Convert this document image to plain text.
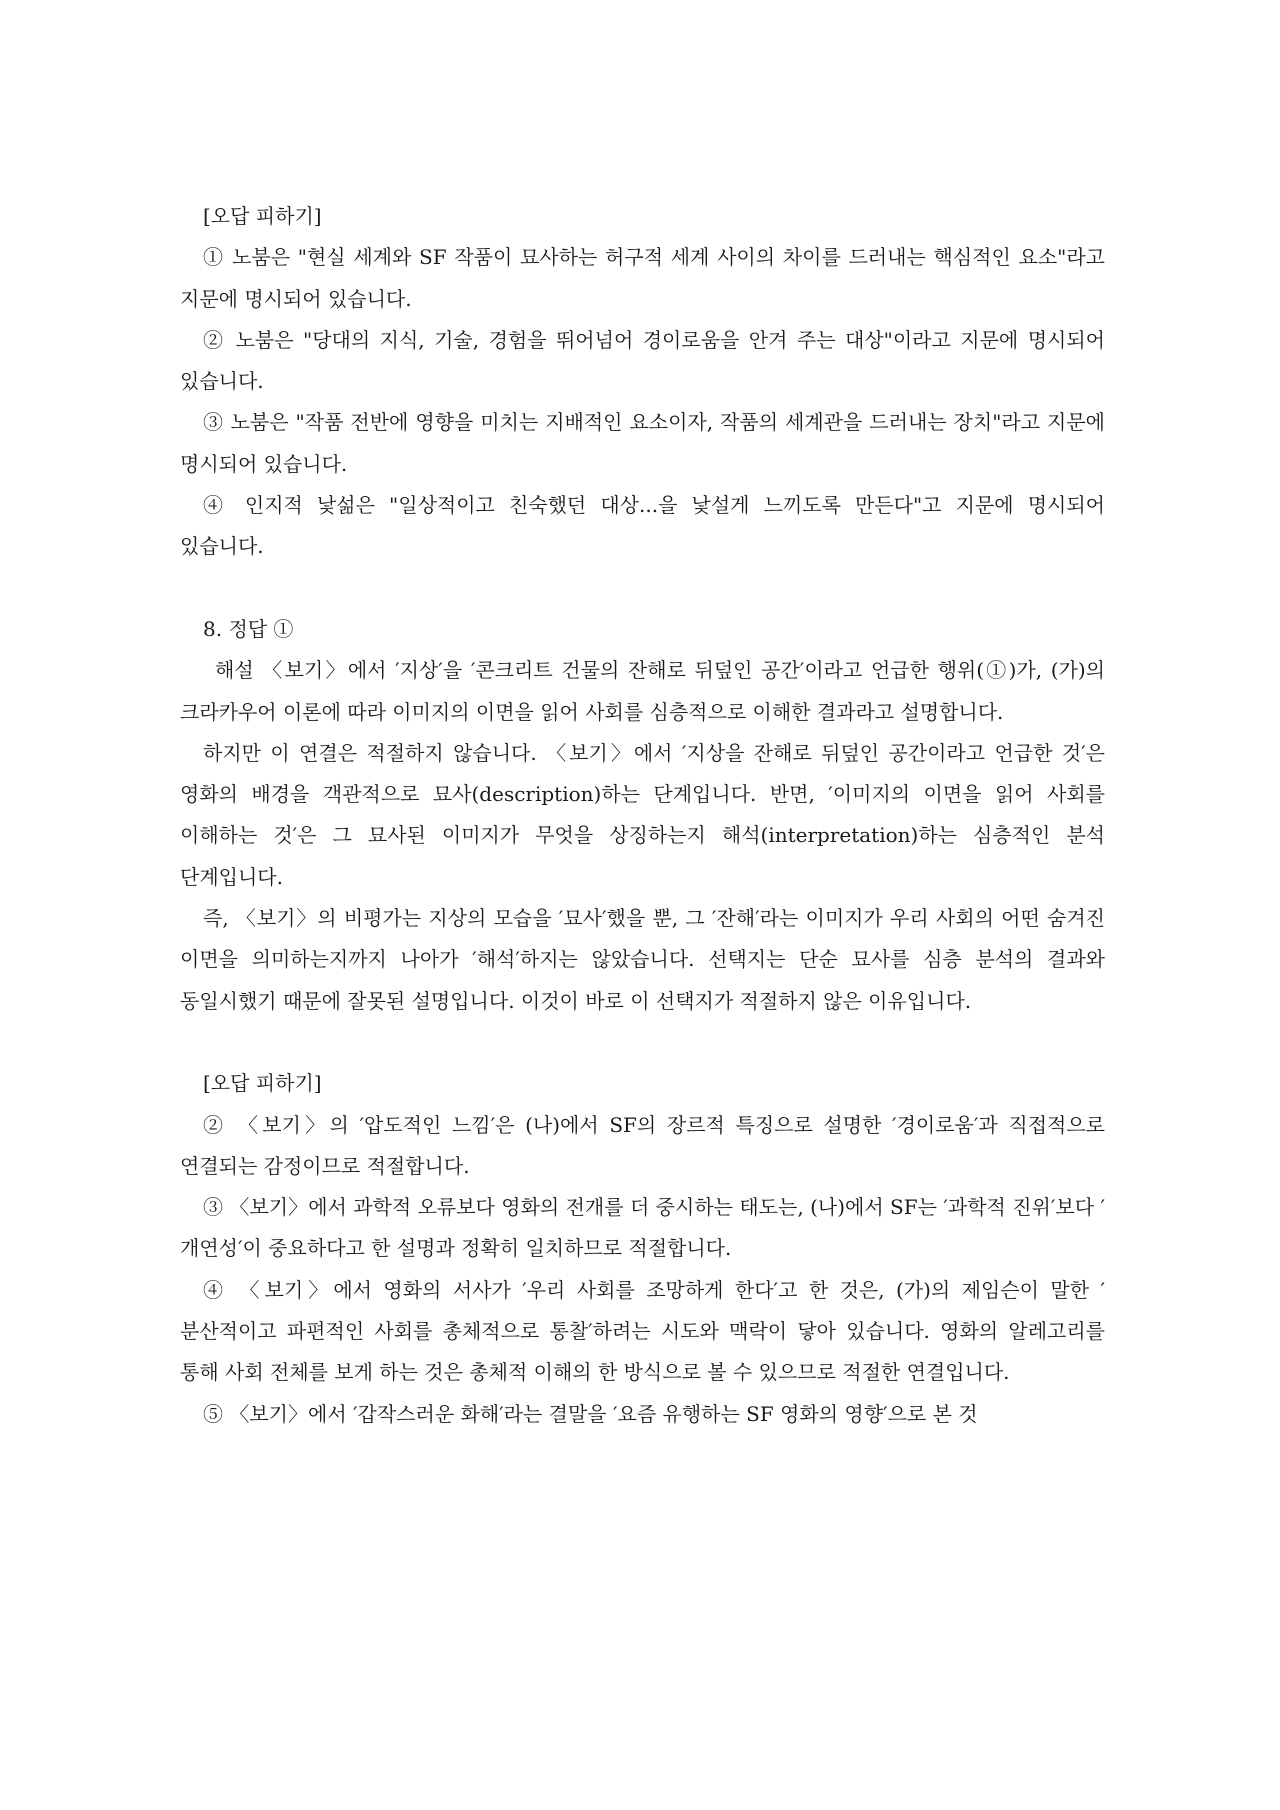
[오답 피하기]

① 노붐은 "현실 세계와 SF 작품이 묘사하는 허구적 세계 사이의 차이를 드러내는 핵심적인 요소"라고 지문에 명시되어 있습니다.

② 노붐은 "당대의 지식, 기술, 경험을 뛰어넘어 경이로움을 안겨 주는 대상"이라고 지문에 명시되어 있습니다.

③ 노붐은 "작품 전반에 영향을 미치는 지배적인 요소이자, 작품의 세계관을 드러내는 장치"라고 지문에 명시되어 있습니다.

④ 인지적 낯섦은 "일상적이고 친숙했던 대상...을 낯설게 느끼도록 만든다"고 지문에 명시되어 있습니다.

8. 정답 ①

해설 〈보기〉에서 ′지상′을 ′콘크리트 건물의 잔해로 뒤덮인 공간′이라고 언급한 행위(①)가, (가)의 크라카우어 이론에 따라 이미지의 이면을 읽어 사회를 심층적으로 이해한 결과라고 설명합니다.

하지만 이 연결은 적절하지 않습니다. 〈보기〉에서 ′지상을 잔해로 뒤덮인 공간이라고 언급한 것′은 영화의 배경을 객관적으로 묘사(description)하는 단계입니다. 반면, ′이미지의 이면을 읽어 사회를 이해하는 것′은 그 묘사된 이미지가 무엇을 상징하는지 해석(interpretation)하는 심층적인 분석 단계입니다.

즉, 〈보기〉의 비평가는 지상의 모습을 ′묘사′했을 뿐, 그 ′잔해′라는 이미지가 우리 사회의 어떤 숨겨진 이면을 의미하는지까지 나아가 ′해석′하지는 않았습니다. 선택지는 단순 묘사를 심층 분석의 결과와 동일시했기 때문에 잘못된 설명입니다. 이것이 바로 이 선택지가 적절하지 않은 이유입니다.

[오답 피하기]

② 〈보기〉의 ′압도적인 느낌′은 (나)에서 SF의 장르적 특징으로 설명한 ′경이로움′과 직접적으로 연결되는 감정이므로 적절합니다.

③ 〈보기〉에서 과학적 오류보다 영화의 전개를 더 중시하는 태도는, (나)에서 SF는 ′과학적 진위′보다 ′개연성′이 중요하다고 한 설명과 정확히 일치하므로 적절합니다.

④ 〈보기〉에서 영화의 서사가 ′우리 사회를 조망하게 한다′고 한 것은, (가)의 제임슨이 말한 ′분산적이고 파편적인 사회를 총체적으로 통찰′하려는 시도와 맥락이 닿아 있습니다. 영화의 알레고리를 통해 사회 전체를 보게 하는 것은 총체적 이해의 한 방식으로 볼 수 있으므로 적절한 연결입니다.

⑤ 〈보기〉에서 ′갑작스러운 화해′라는 결말을 ′요즘 유행하는 SF 영화의 영향′으로 본 것
